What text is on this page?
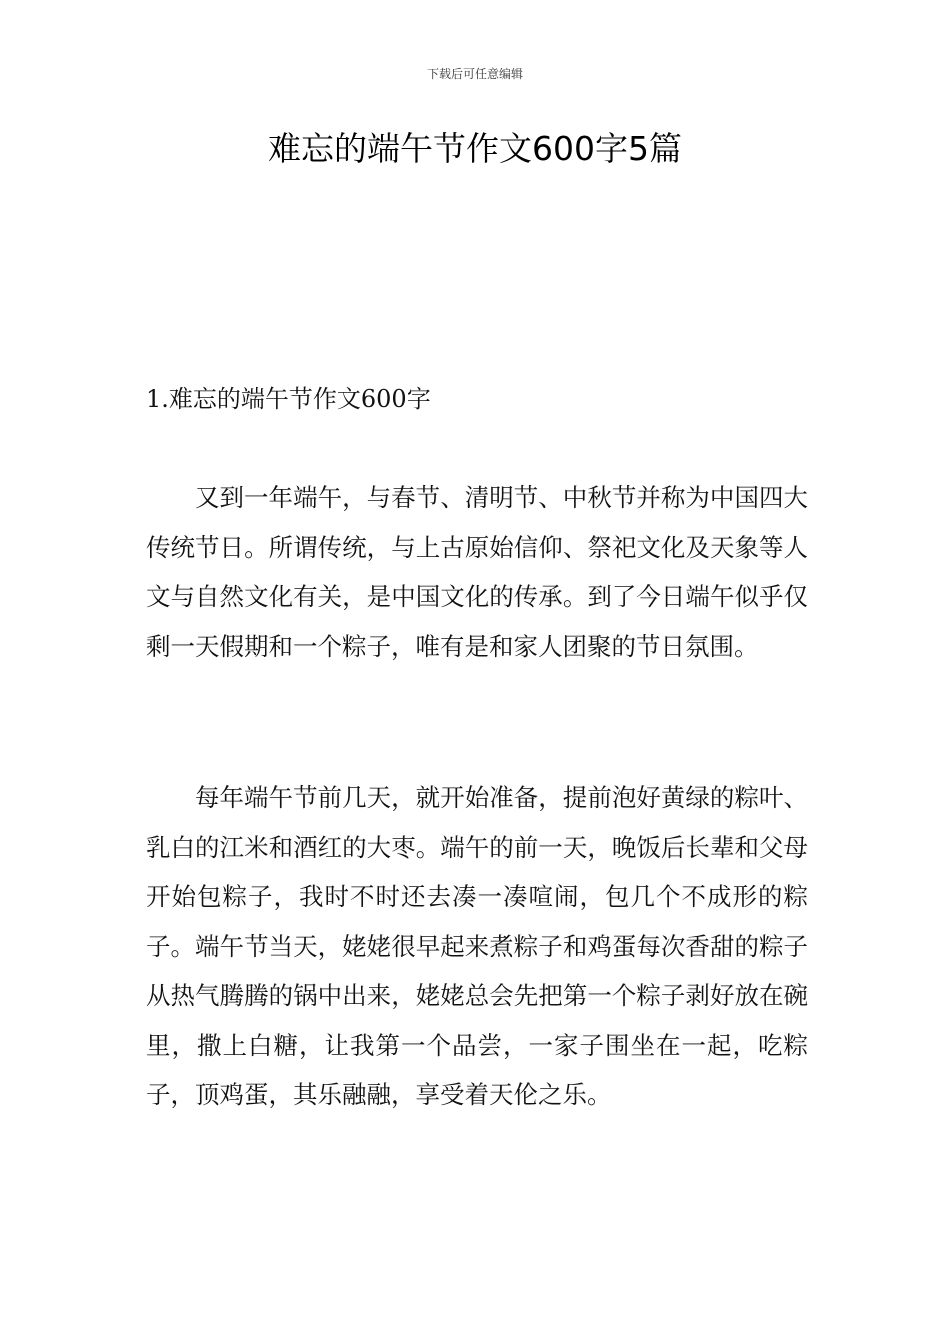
下载后可任意编辑
难忘的端午节作文600字5篇
1.难忘的端午节作文600字

又到一年端午，与春节、清明节、中秋节并称为中国四大传统节日。所谓传统，与上古原始信仰、祭祀文化及天象等人文与自然文化有关，是中国文化的传承。到了今日端午似乎仅剩一天假期和一个粽子，唯有是和家人团聚的节日氛围。

每年端午节前几天，就开始准备，提前泡好黄绿的粽叶、乳白的江米和酒红的大枣。端午的前一天，晚饭后长辈和父母开始包粽子，我时不时还去凑一凑喧闹，包几个不成形的粽子。端午节当天，姥姥很早起来煮粽子和鸡蛋每次香甜的粽子从热气腾腾的锅中出来，姥姥总会先把第一个粽子剥好放在碗里，撒上白糖，让我第一个品尝，一家子围坐在一起，吃粽子，顶鸡蛋，其乐融融，享受着天伦之乐。
